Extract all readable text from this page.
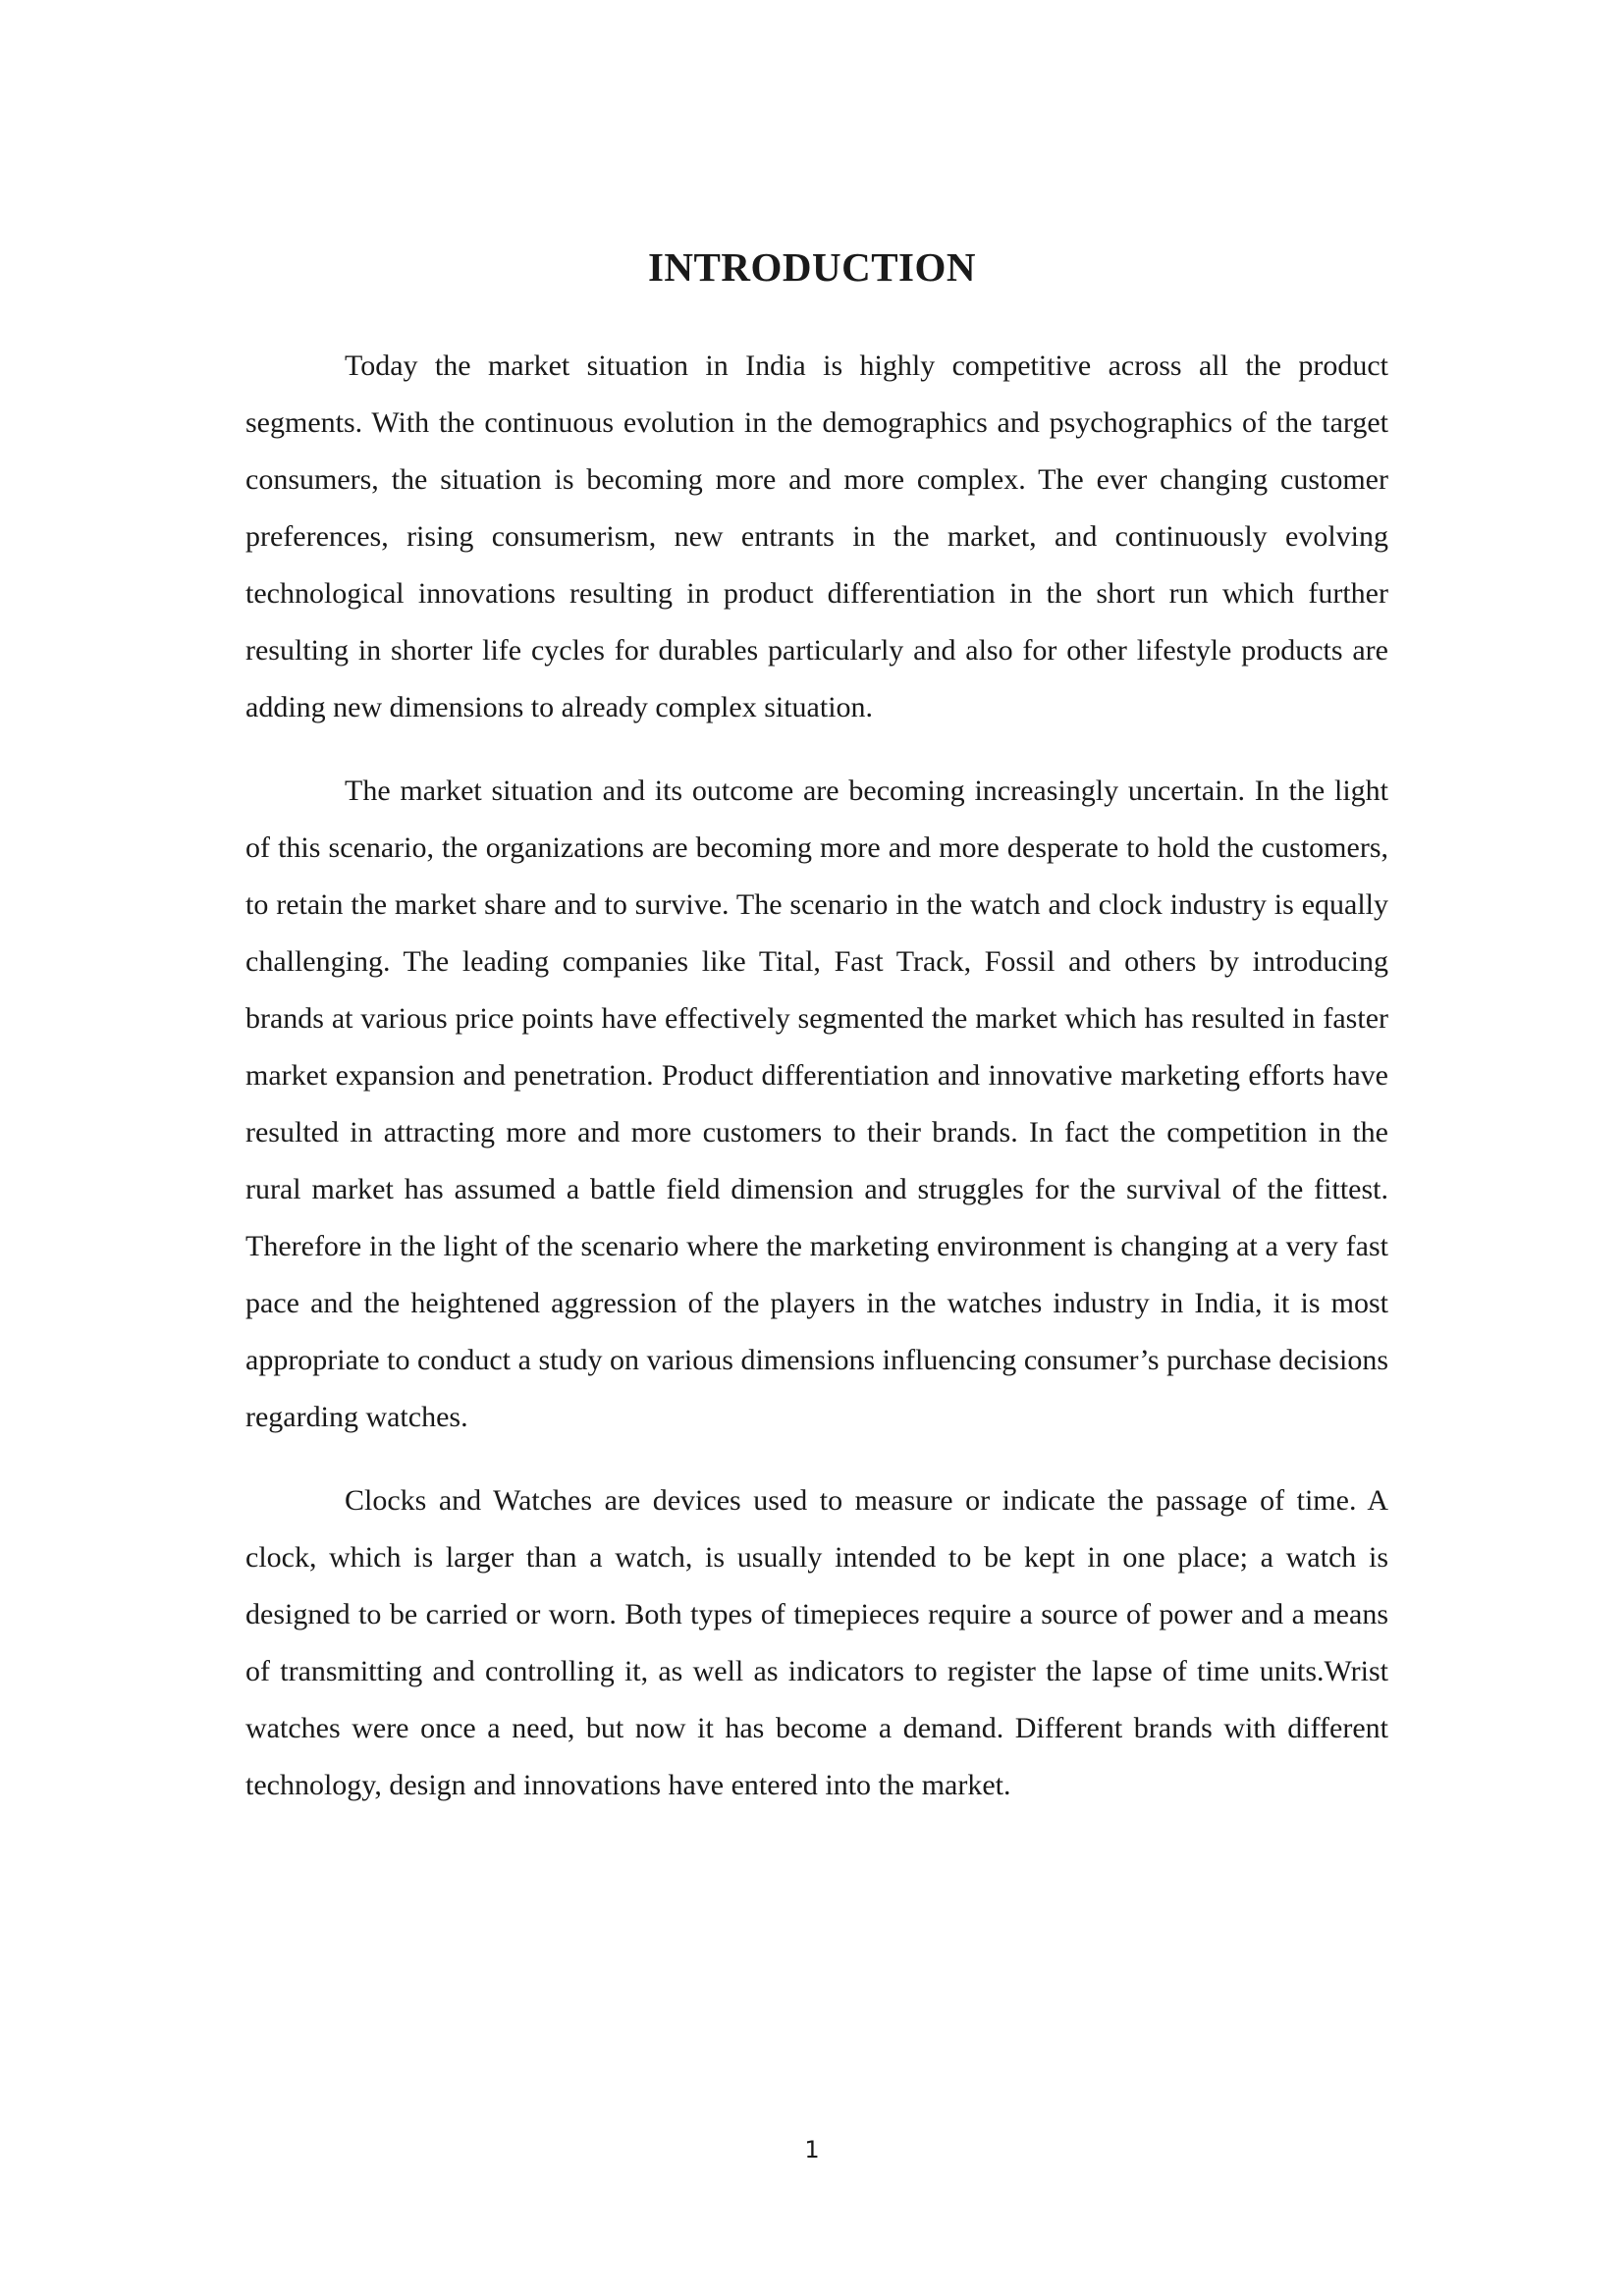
INTRODUCTION

Today the market situation in India is highly competitive across all the product segments. With the continuous evolution in the demographics and psychographics of the target consumers, the situation is becoming more and more complex. The ever changing customer preferences, rising consumerism, new entrants in the market, and continuously evolving technological innovations resulting in product differentiation in the short run which further resulting in shorter life cycles for durables particularly and also for other lifestyle products are adding new dimensions to already complex situation.

The market situation and its outcome are becoming increasingly uncertain. In the light of this scenario, the organizations are becoming more and more desperate to hold the customers, to retain the market share and to survive. The scenario in the watch and clock industry is equally challenging. The leading companies like Tital, Fast Track, Fossil and others by introducing brands at various price points have effectively segmented the market which has resulted in faster market expansion and penetration. Product differentiation and innovative marketing efforts have resulted in attracting more and more customers to their brands. In fact the competition in the rural market has assumed a battle field dimension and struggles for the survival of the fittest. Therefore in the light of the scenario where the marketing environment is changing at a very fast pace and the heightened aggression of the players in the watches industry in India, it is most appropriate to conduct a study on various dimensions influencing consumer’s purchase decisions regarding watches.

Clocks and Watches are devices used to measure or indicate the passage of time. A clock, which is larger than a watch, is usually intended to be kept in one place; a watch is designed to be carried or worn. Both types of timepieces require a source of power and a means of transmitting and controlling it, as well as indicators to register the lapse of time units.Wrist watches were once a need, but now it has become a demand. Different brands with different technology, design and innovations have entered into the market.

1
